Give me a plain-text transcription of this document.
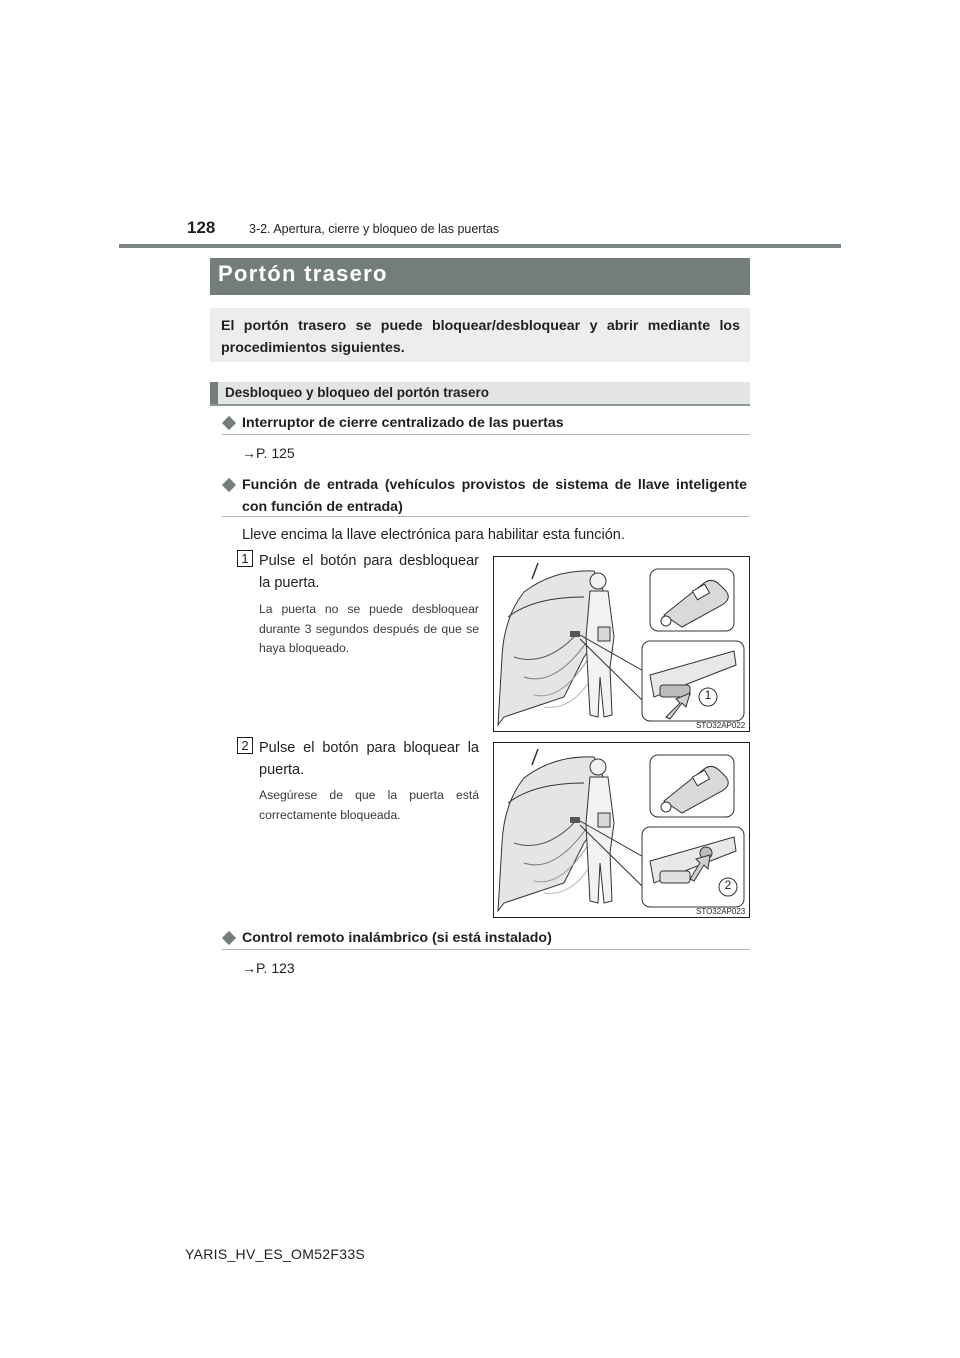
128	3-2. Apertura, cierre y bloqueo de las puertas
Portón trasero
El portón trasero se puede bloquear/desbloquear y abrir mediante los procedimientos siguientes.
Desbloqueo y bloqueo del portón trasero
Interruptor de cierre centralizado de las puertas
→P. 125
Función de entrada (vehículos provistos de sistema de llave inteligente con función de entrada)
Lleve encima la llave electrónica para habilitar esta función.
1 Pulse el botón para desbloquear la puerta.
La puerta no se puede desbloquear durante 3 segundos después de que se haya bloqueado.
1
STO32AP022
2 Pulse el botón para bloquear la puerta.
Asegúrese de que la puerta está correctamente bloqueada.
2
STO32AP023
Control remoto inalámbrico (si está instalado)
→P. 123
YARIS_HV_ES_OM52F33S
